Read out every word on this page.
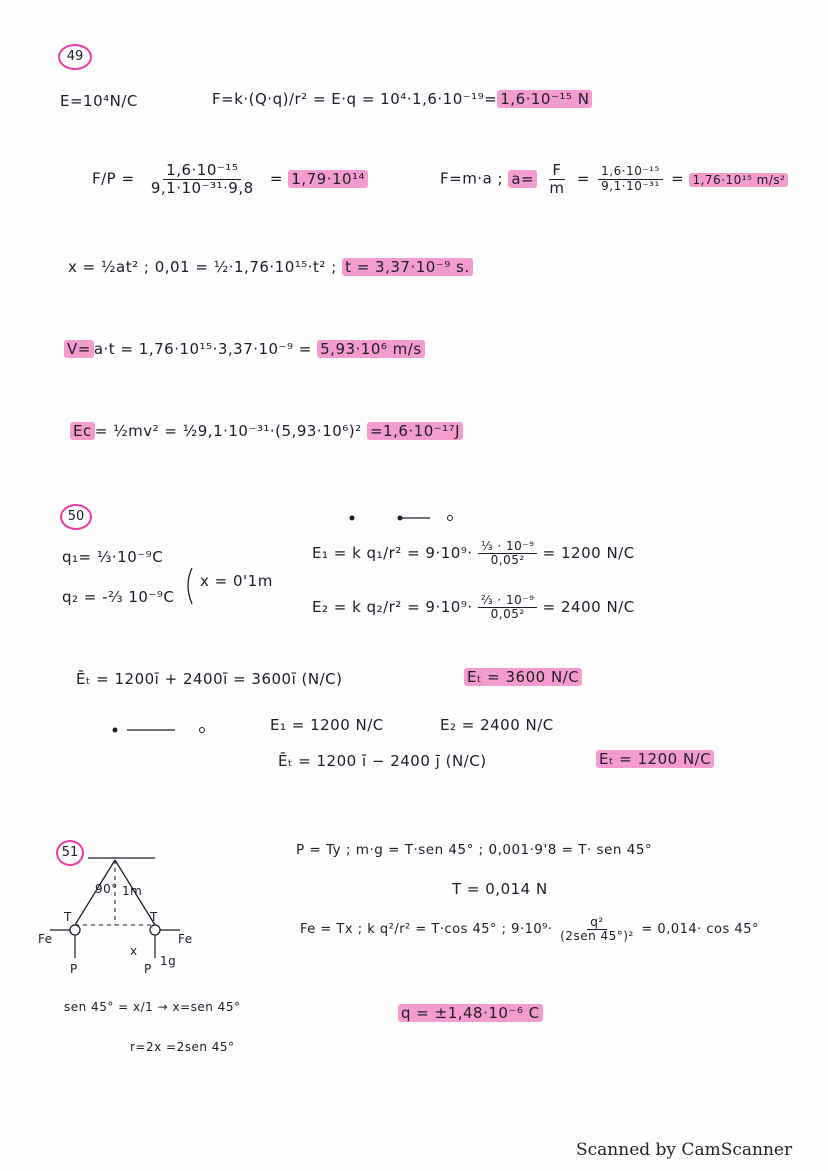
49
E=10⁴N/C	F=k·(Q·q)/r² = E·q = 10⁴·1,6·10⁻¹⁹= 1,6·10⁻¹⁵ N
$F/P = \frac{\text{1,6·10⁻¹⁵}}{\text{9,1·10⁻³¹·9,8}} = 1,79\cdot 10^{14}$	F=m·a ; $a= \frac{F}{m} = \frac{\text{1,6·10⁻¹⁵}}{\text{9,1·10⁻³¹}} = 1,76\cdot 10^{15}$ m/s²
x = ½at² ; 0,01 = ½·1,76·10¹⁵·t² ; t = 3,37·10⁻⁹ s.
V= a·t = 1,76·10¹⁵·3,37·10⁻⁹ = 5,93·10⁶ m/s
Ec = ½mv² = ½9,1·10⁻³¹·(5,93·10⁶)² =1,6·10⁻¹⁷J
50
q₁= ⅓·10⁻⁹C
q₂ = -⅔ 10⁻⁹C
x = 0'1m
E₁ = k $q_1/r^2 = 9\cdot 10^9\cdot \frac{\text{⅓ · 10⁻⁹}}{\text{0,05²}} = 1200$ N/C
E₂ = k $q_2/r^2 = 9\cdot 10^9\cdot \frac{\text{⅔ · 10⁻⁹}}{\text{0,05²}} = 2400$ N/C
Ēₜ = 1200ī + 2400ī = 3600ī (N/C)	Eₜ = 3600 N/C
E₁ = 1200 N/C	E₂ = 2400 N/C
Ēₜ = 1200 ī − 2400 j̄ (N/C)	Eₜ = 1200 N/C
51
90° 1m
T	T
Fe	Fe
x
1g
P	P
sen 45° = x/1 → x=sen 45°
r=2x =2sen 45°
P = Ty ; m·g = T·sen 45° ; 0,001·9'8 = T· sen 45°
T = 0,014 N
Fe = Tx ; k q²/r² = T·cos 45° ; $9\cdot 10^9\cdot \frac{\text{q²}}{\text{(2sen 45°)²}} = 0,014\cdot \cos 45^\circ$
q = ±1,48·10⁻⁶ C
Scanned by CamScanner
